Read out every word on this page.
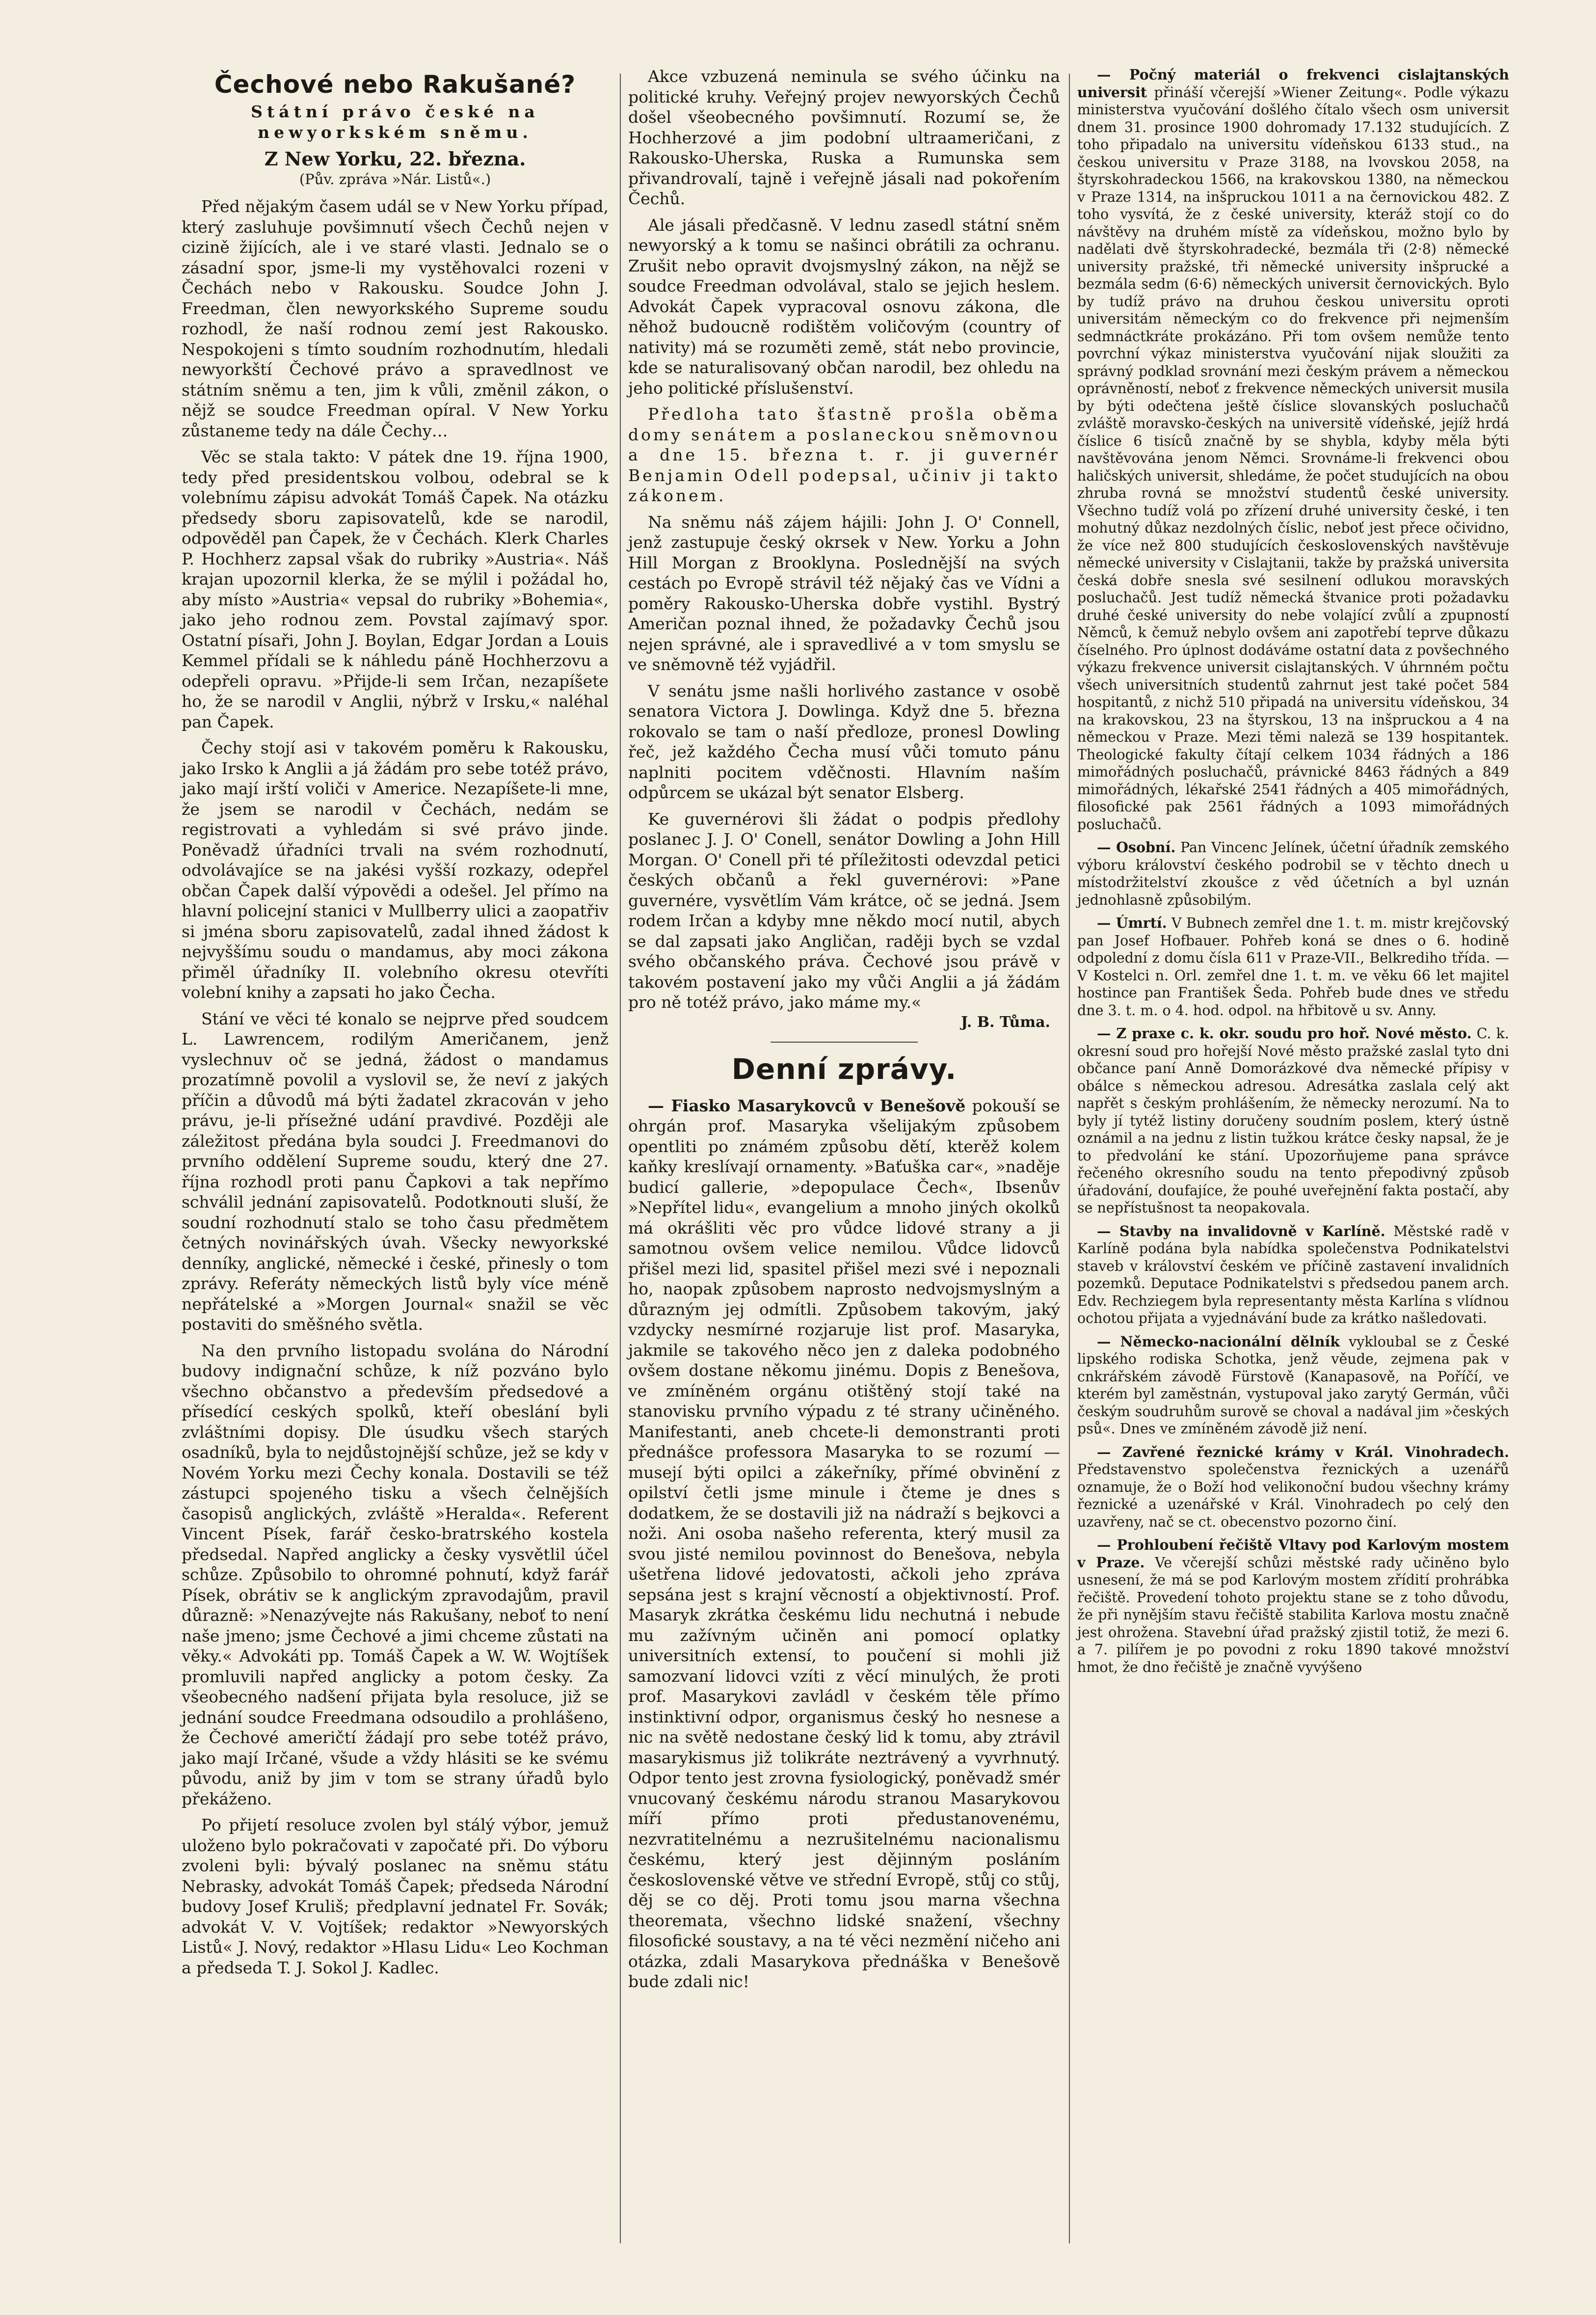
Čechové nebo Rakušané?
Státní právo české na newyorkském sněmu.
Z New Yorku, 22. března.
(Pův. zpráva »Nár. Listů«.)

Před nějakým časem udál se v New Yorku případ, který zasluhuje povšimnutí všech Čechů nejen v cizině žijících, ale i ve staré vlasti. Jednalo se o zásadní spor, jsme-li my vystěhovalci rozeni v Čechách nebo v Rakousku. Soudce John J. Freedman, člen newyorkského Supreme soudu rozhodl, že naší rodnou zemí jest Rakousko. Nespokojeni s tímto soudním rozhodnutím, hledali newyorkští Čechové právo a spravedlnost ve státním sněmu a ten, jim k vůli, změnil zákon, o nějž se soudce Freedman opíral. V New Yorku zůstaneme tedy na dále Čechy…

Věc se stala takto: V pátek dne 19. října 1900, tedy před presidentskou volbou, odebral se k volebnímu zápisu advokát Tomáš Čapek. Na otázku předsedy sboru zapisovatelů, kde se narodil, odpověděl pan Čapek, že v Čechách. Klerk Charles P. Hochherz zapsal však do rubriky »Austria«. Náš krajan upozornil klerka, že se mýlil i požádal ho, aby místo »Austria« vepsal do rubriky »Bohemia«, jako jeho rodnou zem. Povstal zajímavý spor. Ostatní písaři, John J. Boylan, Edgar Jordan a Louis Kemmel přídali se k náhledu páně Hochherzovu a odepřeli opravu. »Přijde-li sem Irčan, nezapíšete ho, že se narodil v Anglii, nýbrž v Irsku,« naléhal pan Čapek.

Čechy stojí asi v takovém poměru k Rakousku, jako Irsko k Anglii a já žádám pro sebe totéž právo, jako mají irští voliči v Americe. Nezapíšete-li mne, že jsem se narodil v Čechách, nedám se registrovati a vyhledám si své právo jinde. Poněvadž úřadníci trvali na svém rozhodnutí, odvolávajíce se na jakési vyšší rozkazy, odepřel občan Čapek další výpovědi a odešel. Jel přímo na hlavní policejní stanici v Mullberry ulici a zaopatřiv si jména sboru zapisovatelů, zadal ihned žádost k nejvyššímu soudu o mandamus, aby moci zákona přiměl úřadníky II. volebního okresu otevříti volební knihy a zapsati ho jako Čecha.

Stání ve věci té konalo se nejprve před soudcem L. Lawrencem, rodilým Američanem, jenž vyslechnuv oč se jedná, žádost o mandamus prozatímně povolil a vyslovil se, že neví z jakých příčin a důvodů má býti žadatel zkracován v jeho právu, je-li přísežné udání pravdivé. Později ale záležitost předána byla soudci J. Freedmanovi do prvního oddělení Supreme soudu, který dne 27. října rozhodl proti panu Čapkovi a tak nepřímo schválil jednání zapisovatelů. Podotknouti sluší, že soudní rozhodnutí stalo se toho času předmětem četných novinářských úvah. Všecky newyorkské denníky, anglické, německé i české, přinesly o tom zprávy. Referáty německých listů byly více méně nepřátelské a »Morgen Journal« snažil se věc postaviti do směšného světla.

Na den prvního listopadu svolána do Národní budovy indignační schůze, k níž pozváno bylo všechno občanstvo a především předsedové a přísedící ceských spolků, kteří obeslání byli zvláštními dopisy. Dle úsudku všech starých osadníků, byla to nejdůstojnější schůze, jež se kdy v Novém Yorku mezi Čechy konala. Dostavili se též zástupci spojeného tisku a všech čelnějších časopisů anglických, zvláště »Heralda«. Referent Vincent Písek, farář česko-bratrského kostela předsedal. Napřed anglicky a česky vysvětlil účel schůze. Způsobilo to ohromné pohnutí, když farář Písek, obrátiv se k anglickým zpravodajům, pravil důrazně: »Nenazývejte nás Rakušany, neboť to není naše jmeno; jsme Čechové a jimi chceme zůstati na věky.« Advokáti pp. Tomáš Čapek a W. W. Wojtíšek promluvili napřed anglicky a potom česky. Za všeobecného nadšení přijata byla resoluce, již se jednání soudce Freedmana odsoudilo a prohlášeno, že Čechové američtí žádají pro sebe totéž právo, jako mají Irčané, všude a vždy hlásiti se ke svému původu, aniž by jim v tom se strany úřadů bylo překáženo.

Po přijetí resoluce zvolen byl stálý výbor, jemuž uloženo bylo pokračovati v započaté při. Do výboru zvoleni byli: bývalý poslanec na sněmu státu Nebrasky, advokát Tomáš Čapek; předseda Národní budovy Josef Kruliš; předplavní jednatel Fr. Sovák; advokát V. V. Vojtíšek; redaktor »Newyorských Listů« J. Nový, redaktor »Hlasu Lidu« Leo Kochman a předseda T. J. Sokol J. Kadlec.

Akce vzbuzená neminula se svého účinku na politické kruhy. Veřejný projev newyorských Čechů došel všeobecného povšimnutí. Rozumí se, že Hochherzové a jim podobní ultraameričani, z Rakousko-Uherska, Ruska a Rumunska sem přivandrovalí, tajně i veřejně jásali nad pokořením Čechů.

Ale jásali předčasně. V lednu zasedl státní sněm newyorský a k tomu se našinci obrátili za ochranu. Zrušit nebo opravit dvojsmyslný zákon, na nějž se soudce Freedman odvolával, stalo se jejich heslem. Advokát Čapek vypracoval osnovu zákona, dle něhož budoucně rodištěm voličovým (country of nativity) má se rozuměti země, stát nebo provincie, kde se naturalisovaný občan narodil, bez ohledu na jeho politické příslušenství.

Předloha tato šťastně prošla oběma domy senátem a poslaneckou sněmovnou a dne 15. března t. r. ji guvernér Benjamin Odell podepsal, učiniv ji takto zákonem.

Na sněmu náš zájem hájili: John J. O' Connell, jenž zastupuje český okrsek v New. Yorku a John Hill Morgan z Brooklyna. Poslednější na svých cestách po Evropě strávil též nějaký čas ve Vídni a poměry Rakousko-Uherska dobře vystihl. Bystrý Američan poznal ihned, že požadavky Čechů jsou nejen správné, ale i spravedlivé a v tom smyslu se ve sněmovně též vyjádřil.

V senátu jsme našli horlivého zastance v osobě senatora Victora J. Dowlinga. Když dne 5. března rokovalo se tam o naší předloze, pronesl Dowling řeč, jež každého Čecha musí vůči tomuto pánu naplniti pocitem vděčnosti. Hlavním naším odpůrcem se ukázal být senator Elsberg.

Ke guvernérovi šli žádat o podpis předlohy poslanec J. J. O' Conell, senátor Dowling a John Hill Morgan. O' Conell při té příležitosti odevzdal petici českých občanů a řekl guvernérovi: »Pane guvernére, vysvětlím Vám krátce, oč se jedná. Jsem rodem Irčan a kdyby mne někdo mocí nutil, abych se dal zapsati jako Angličan, raději bych se vzdal svého občanského práva. Čechové jsou právě v takovém postavení jako my vůči Anglii a já žádám pro ně totéž právo, jako máme my.«

J. B. Tůma.
Denní zprávy.

— Fiasko Masarykovců v Benešově pokouší se ohrgán prof. Masaryka všelijakým způsobem opentliti po známém způsobu dětí, kterěž kolem kaňky kreslívají ornamenty. »Baťuška car«, »naděje budicí gallerie, »depopulace Čech«, Ibsenův »Nepřítel lidu«, evangelium a mnoho jiných okolků má okrášliti věc pro vůdce lidové strany a ji samotnou ovšem velice nemilou. Vůdce lidovců přišel mezi lid, spasitel přišel mezi své i nepoznali ho, naopak způsobem naprosto nedvojsmyslným a důrazným jej odmítli. Způsobem takovým, jaký vzdycky nesmírné rozjaruje list prof. Masaryka, jakmile se takového něco jen z daleka podobného ovšem dostane někomu jinému. Dopis z Benešova, ve zmíněném orgánu otištěný stojí také na stanovisku prvního výpadu z té strany učiněného. Manifestanti, aneb chcete-li demonstranti proti přednášce professora Masaryka to se rozumí — musejí býti opilci a zákeřníky, přímé obvinění z opilství četli jsme minule i čteme je dnes s dodatkem, že se dostavili již na nádraží s bejkovci a noži. Ani osoba našeho referenta, který musil za svou jisté nemilou povinnost do Benešova, nebyla ušetřena lidové jedovatosti, ačkoli jeho zpráva sepsána jest s krajní věcností a objektivností. Prof. Masaryk zkrátka českému lidu nechutná i nebude mu zažívným učiněn ani pomocí oplatky universitních extensí, to poučení si mohli již samozvaní lidovci vzíti z věcí minulých, že proti prof. Masarykovi zavládl v českém těle přímo instinktivní odpor, organismus český ho nesnese a nic na světě nedostane český lid k tomu, aby ztrávil masarykismus již tolikráte neztrávený a vyvrhnutý. Odpor tento jest zrovna fysiologický, poněvadž smér vnucovaný českému národu stranou Masarykovou míří přímo proti předustanovenému, nezvratitelnému a nezrušitelnému nacionalismu českému, který jest dějinným posláním československé větve ve střední Evropě, stůj co stůj, děj se co děj. Proti tomu jsou marna všechna theoremata, všechno lidské snažení, všechny filosofické soustavy, a na té věci nezmění ničeho ani otázka, zdali Masarykova přednáška v Benešově bude zdali nic!

— Počný materiál o frekvenci cislajtanských universit přináší včerejší »Wiener Zeitung«. Podle výkazu ministerstva vyučování došlého čítalo všech osm universit dnem 31. prosince 1900 dohromady 17.132 studujících. Z toho připadalo na universitu vídeňskou 6133 stud., na českou universitu v Praze 3188, na lvovskou 2058, na štyrskohradeckou 1566, na krakovskou 1380, na německou v Praze 1314, na inšpruckou 1011 a na černovickou 482. Z toho vysvítá, že z české university, kteráž stojí co do návštěvy na druhém místě za vídeňskou, možno bylo by nadělati dvě štyrskohradecké, bezmála tři (2·8) německé university pražské, tři německé university inšprucké a bezmála sedm (6·6) německých universit černovických. Bylo by tudíž právo na druhou českou universitu oproti universitám německým co do frekvence při nejmenším sedmnáctkráte prokázáno. Při tom ovšem nemůže tento povrchní výkaz ministerstva vyučování nijak sloužiti za správný podklad srovnání mezi českým právem a německou oprávněností, neboť z frekvence německých universit musila by býti odečtena ještě číslice slovanských posluchačů zvláště moravsko-českých na universitě vídeňské, jejíž hrdá číslice 6 tisíců značně by se shybla, kdyby měla býti navštěvována jenom Němci. Srovnáme-li frekvenci obou haličských universit, shledáme, že počet studujících na obou zhruba rovná se množství studentů české university. Všechno tudíž volá po zřízení druhé university české, i ten mohutný důkaz nezdolných číslic, neboť jest přece očividno, že více než 800 studujících československých navštěvuje německé university v Cislajtanii, takže by pražská universita česká dobře snesla své sesilnení odlukou moravských posluchačů. Jest tudíž německá štvanice proti požadavku druhé české university do nebe volající zvůlí a zpupností Němců, k čemuž nebylo ovšem ani zapotřebí teprve důkazu číselného. Pro úplnost dodáváme ostatní data z povšechného výkazu frekvence universit cislajtanských. V úhrnném počtu všech universitních studentů zahrnut jest také počet 584 hospitantů, z nichž 510 připadá na universitu vídeňskou, 34 na krakovskou, 23 na štyrskou, 13 na inšpruckou a 4 na německou v Praze. Mezi těmi naleză se 139 hospitantek. Theologické fakulty čítají celkem 1034 řádných a 186 mimořádných posluchačů, právnické 8463 řádných a 849 mimořádných, lékařské 2541 řádných a 405 mimořádných, filosofické pak 2561 řádných a 1093 mimořádných posluchačů.

— Osobní. Pan Vincenc Jelínek, účetní úřadník zemského výboru království českého podrobil se v těchto dnech u místodržitelství zkoušce z věd účetních a byl uznán jednohlasně způsobilým.

— Úmrtí. V Bubnech zemřel dne 1. t. m. mistr krejčovský pan Josef Hofbauer. Pohřeb koná se dnes o 6. hodině odpolední z domu čísla 611 v Praze-VII., Belkrediho třída. — V Kostelci n. Orl. zemřel dne 1. t. m. ve věku 66 let majitel hostince pan František Šeda. Pohřeb bude dnes ve středu dne 3. t. m. o 4. hod. odpol. na hřbitově u sv. Anny.

— Z praxe c. k. okr. soudu pro hoř. Nové město. C. k. okresní soud pro hořejší Nové město pražské zaslal tyto dni občance paní Anně Domorázkové dva německé přípisy v obálce s německou adresou. Adresátka zaslala celý akt napřět s českým prohlášením, že německy nerozumí. Na to byly jí tytéž listiny doručeny soudním poslem, který ústně oznámil a na jednu z listin tužkou krátce česky napsal, že je to předvolání ke stání. Upozorňujeme pana správce řečeného okresního soudu na tento přepodivný způsob úřadování, doufajíce, že pouhé uveřejnění fakta postačí, aby se nepřístušnost ta neopakovala.

— Stavby na invalidovně v Karlíně. Městské radě v Karlíně podána byla nabídka společenstva Podnikatelstvi staveb v království českém ve příčině zastavení invalidních pozemků. Deputace Podnikatelstvi s předsedou panem arch. Edv. Rechziegem byla representanty města Karlína s vlídnou ochotou přijata a vyjednávání bude za krátko našledovati.

— Německo-nacionální dělník vykloubal se z České lipského rodiska Schotka, jenž věude, zejmena pak v cnkrářském závodě Fürstově (Kanapasově, na Poříčí, ve kterém byl zaměstnán, vystupoval jako zarytý Germán, vůči českým soudruhům surově se choval a nadával jim »českých psů«. Dnes ve zmíněném závodě již není.

— Zavřené řeznické krámy v Král. Vinohradech. Představenstvo společenstva řeznických a uzenářů oznamuje, že o Boží hod velikonoční budou všechny krámy řeznické a uzenářské v Král. Vinohradech po celý den uzavřeny, nač se ct. obecenstvo pozorno činí.

— Prohloubení řečiště Vltavy pod Karlovým mostem v Praze. Ve včerejší schůzi městské rady učiněno bylo usnesení, že má se pod Karlovým mostem zřídití prohrábka řečiště. Provedení tohoto projektu stane se z toho důvodu, že při nynějším stavu řečiště stabilita Karlova mostu značně jest ohrožena. Stavební úřad pražský zjistil totiž, že mezi 6. a 7. pilířem je po povodni z roku 1890 takové množství hmot, že dno řečiště je značně vyvýšeno
